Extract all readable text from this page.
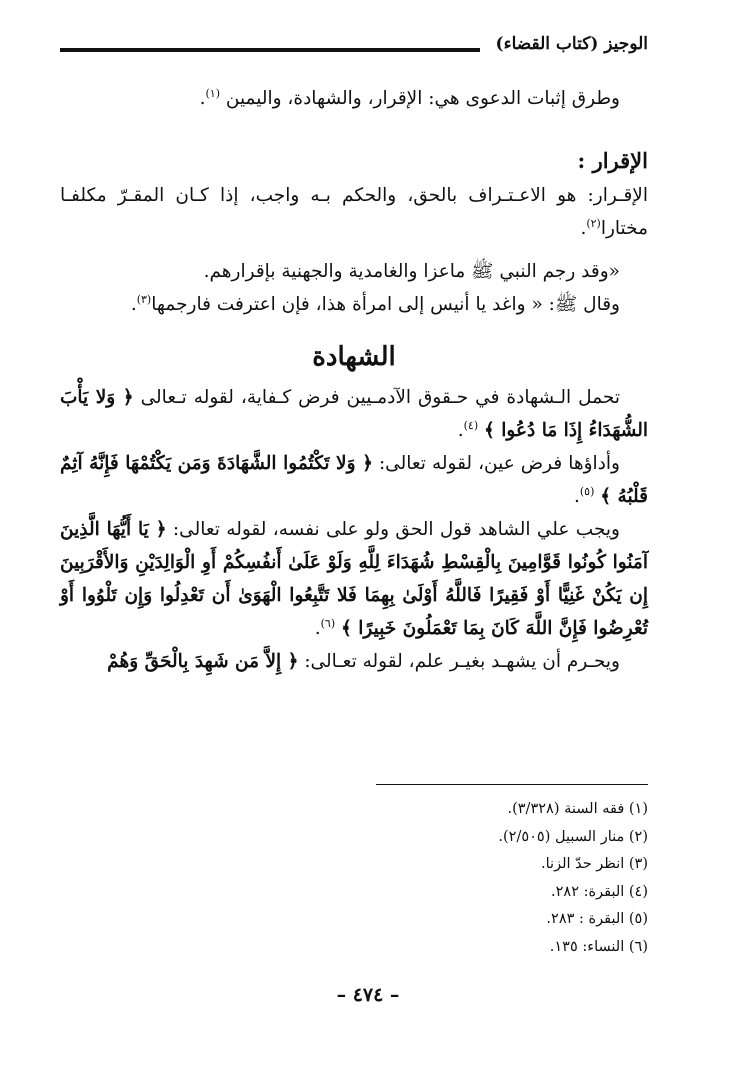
الوجيز (كتاب القضاء)

وطرق إثبات الدعوى هي: الإقرار، والشهادة، واليمين $^{(١)}$.

الإقرار :

الإقـرار: هو الاعـتـراف بالحق، والحكم بـه واجب، إذا كـان المقـرّ مكلفـا مختارا$^{(٢)}$.

«وقد رجم النبي ﷺ ماعزا والغامدية والجهنية بإقرارهم.

وقال ﷺ: « واغد يا أنيس إلى امرأة هذا، فإن اعترفت فارجمها$^{(٣)}$.

الشهادة

تحمل الـشهادة في حـقوق الآدمـيين فرض كـفاية، لقوله تـعالى ﴿ وَلا يَأْبَ الشُّهَدَاءُ إِذَا مَا دُعُوا ﴾ $^{(٤)}$.

وأداؤها فرض عين، لقوله تعالى: ﴿ وَلا تَكْتُمُوا الشَّهَادَةَ وَمَن يَكْتُمْهَا فَإِنَّهُ آثِمٌ قَلْبُهُ ﴾ $^{(٥)}$.

ويجب علي الشاهد قول الحق ولو على نفسه، لقوله تعالى: ﴿ يَا أَيُّهَا الَّذِينَ آمَنُوا كُونُوا قَوَّامِينَ بِالْقِسْطِ شُهَدَاءَ لِلَّهِ وَلَوْ عَلَىٰ أَنفُسِكُمْ أَوِ الْوَالِدَيْنِ وَالأَقْرَبِينَ إِن يَكُنْ غَنِيًّا أَوْ فَقِيرًا فَاللَّهُ أَوْلَىٰ بِهِمَا فَلا تَتَّبِعُوا الْهَوَىٰ أَن تَعْدِلُوا وَإِن تَلْوُوا أَوْ تُعْرِضُوا فَإِنَّ اللَّهَ كَانَ بِمَا تَعْمَلُونَ خَبِيرًا ﴾ $^{(٦)}$.

ويحـرم أن يشهـد بغيـر علم، لقوله تعـالى: ﴿ إِلاَّ مَن شَهِدَ بِالْحَقِّ وَهُمْ

(١) فقه السنة (٣/٣٢٨).
(٢) منار السبيل (٢/٥٠٥).
(٣) انظر حدّ الزنا.
(٤) البقرة: ٢٨٢.
(٥) البقرة : ٢٨٣.
(٦) النساء: ١٣٥.
– ٤٧٤ –
